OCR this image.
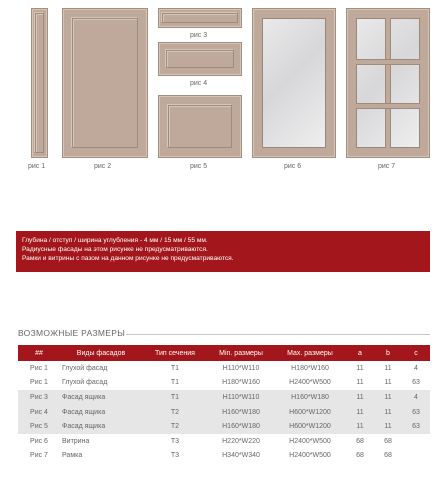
рис 1	рис 2
рис 3
рис 4
рис 5	рис 6	рис 7
Глубина / отступ / ширина углубления - 4 мм / 15 мм / 55 мм.
Радиусные фасады на этом рисунке не предусматриваются.
Рамки и витрины с пазом на данном рисунке не предусматриваются.
ВОЗМОЖНЫЕ РАЗМЕРЫ
##	Виды фасадов	Тип сечения	Min. размеры	Max. размеры	a	b	c
Рис 1	Глухой фасад	T1	H110*W110	H180*W160	11	11	4
Рис 1	Глухой фасад	T1	H180*W160	H2400*W500	11	11	63
Рис 3	Фасад ящика	T1	H110*W110	H160*W180	11	11	4
Рис 4	Фасад ящика	T2	H160*W180	H600*W1200	11	11	63
Рис 5	Фасад ящика	T2	H160*W180	H600*W1200	11	11	63
Рис 6	Витрина	T3	H220*W220	H2400*W500	68	68	
Рис 7	Рамка	T3	H340*W340	H2400*W500	68	68	
